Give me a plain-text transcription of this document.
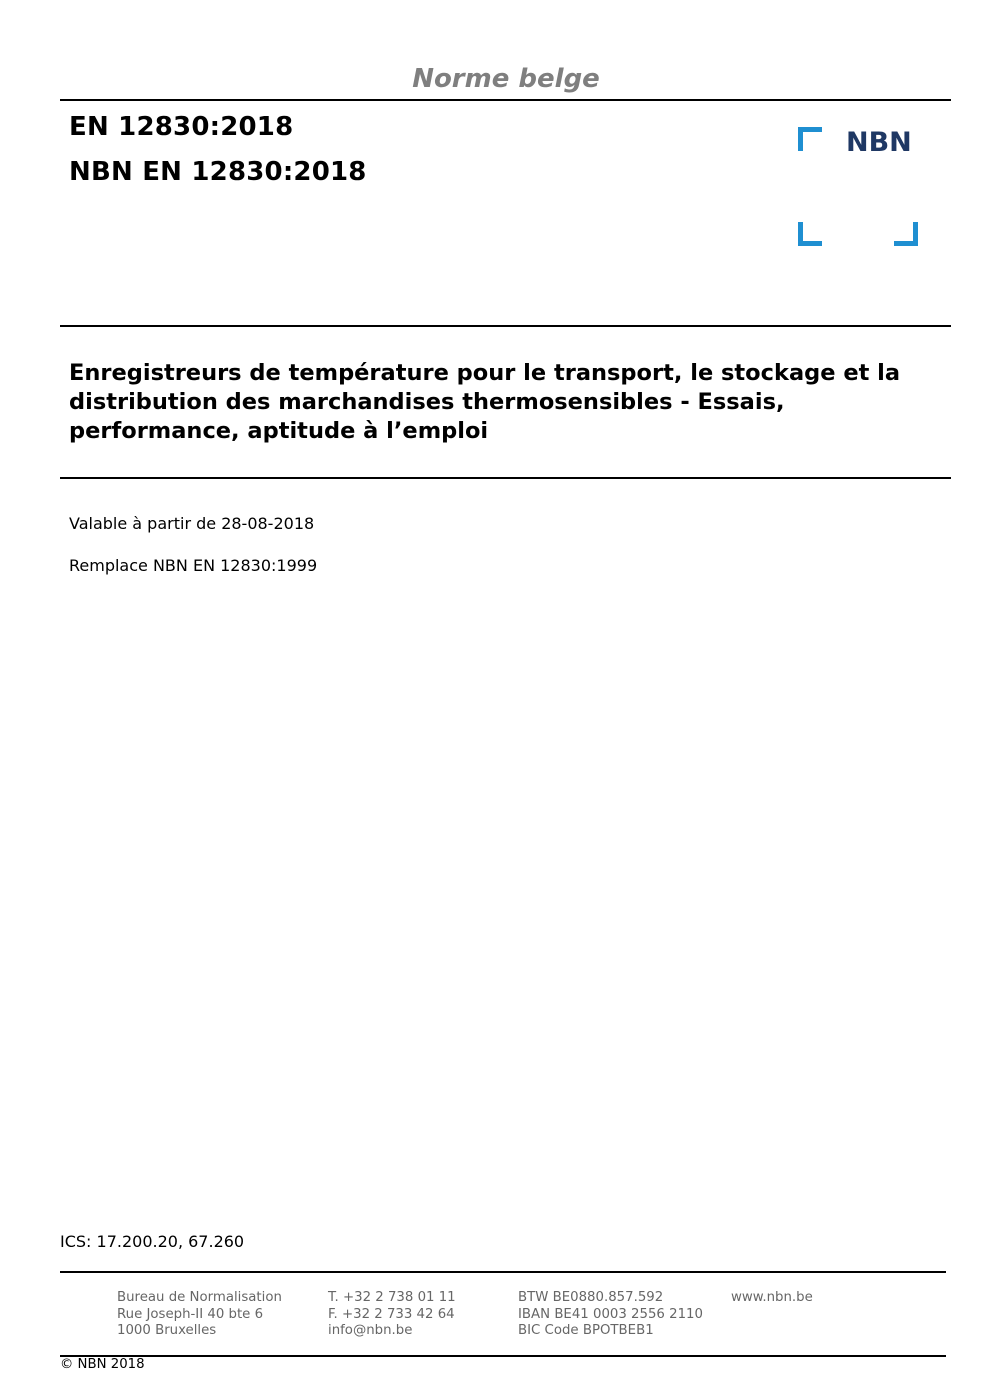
Norme belge
EN 12830:2018
NBN EN 12830:2018
NBN
Enregistreurs de température pour le transport, le stockage et la
distribution des marchandises thermosensibles - Essais,
performance, aptitude à l’emploi
Valable à partir de 28-08-2018
Remplace NBN EN 12830:1999
ICS: 17.200.20, 67.260
Bureau de Normalisation
Rue Joseph-II 40 bte 6
1000 Bruxelles
T. +32 2 738 01 11
F. +32 2 733 42 64
info@nbn.be
BTW BE0880.857.592
IBAN BE41 0003 2556 2110
BIC Code BPOTBEB1
www.nbn.be
© NBN 2018
